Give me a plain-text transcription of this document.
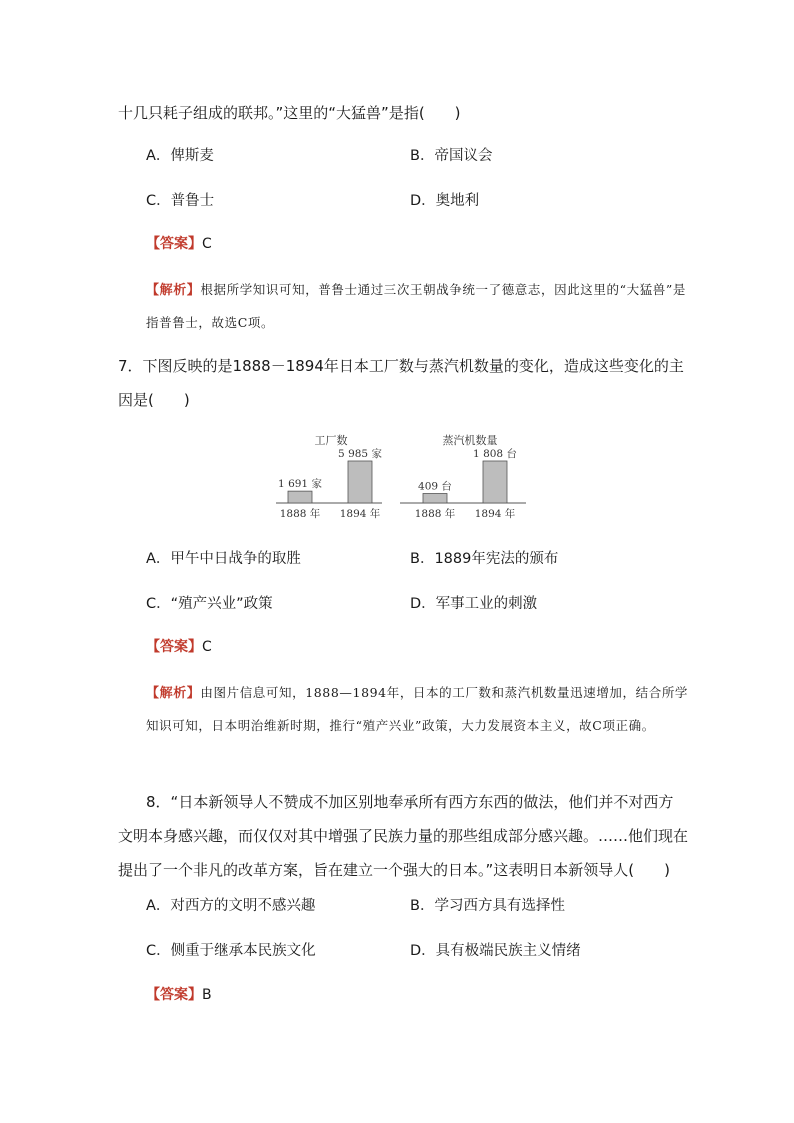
十几只耗子组成的联邦。”这里的“大猛兽”是指(　　)
A．俾斯麦	B．帝国议会
C．普鲁士	D．奥地利
【答案】C
【解析】根据所学知识可知，普鲁士通过三次王朝战争统一了德意志，因此这里的“大猛兽”是指普鲁士，故选C项。
7．下图反映的是1888－1894年日本工厂数与蒸汽机数量的变化，造成这些变化的主因是(　　)
工厂数
1 691 家
5 985 家
1888 年 1894 年
蒸汽机数量
409 台
1 808 台
1888 年 1894 年
A．甲午中日战争的取胜	B．1889年宪法的颁布
C．“殖产兴业”政策	D．军事工业的刺激
【答案】C
【解析】由图片信息可知，1888—1894年，日本的工厂数和蒸汽机数量迅速增加，结合所学知识可知，日本明治维新时期，推行“殖产兴业”政策，大力发展资本主义，故C项正确。
8．“日本新领导人不赞成不加区别地奉承所有西方东西的做法，他们并不对西方文明本身感兴趣，而仅仅对其中增强了民族力量的那些组成部分感兴趣。……他们现在提出了一个非凡的改革方案，旨在建立一个强大的日本。”这表明日本新领导人(　　)
A．对西方的文明不感兴趣	B．学习西方具有选择性
C．侧重于继承本民族文化	D．具有极端民族主义情绪
【答案】B
